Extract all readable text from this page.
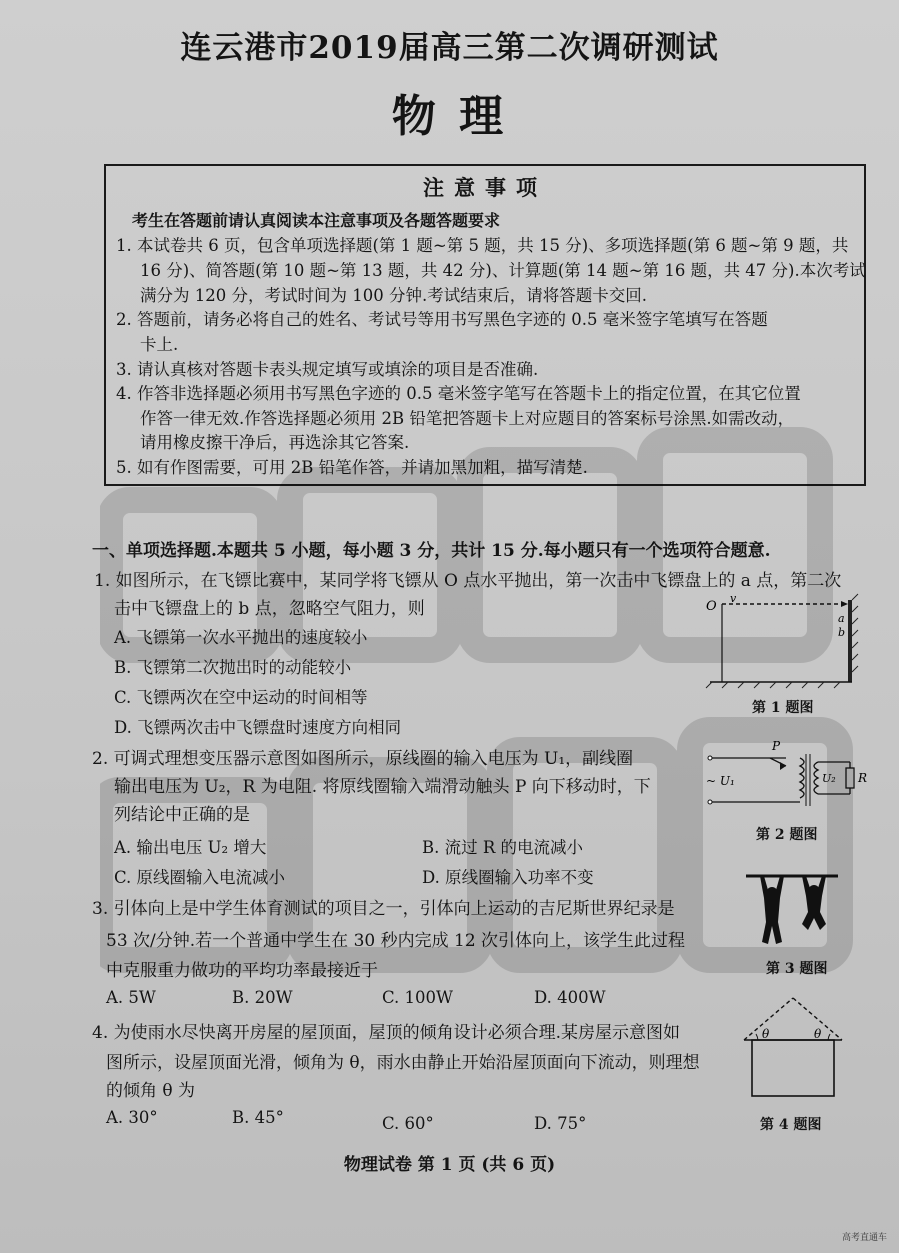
连云港市2019届高三第二次调研测试
物 理
注意事项
考生在答题前请认真阅读本注意事项及各题答题要求
1. 本试卷共 6 页，包含单项选择题(第 1 题~第 5 题，共 15 分)、多项选择题(第 6 题~第 9 题，共
16 分)、简答题(第 10 题~第 13 题，共 42 分)、计算题(第 14 题~第 16 题，共 47 分).本次考试
满分为 120 分，考试时间为 100 分钟.考试结束后，请将答题卡交回.
2. 答题前，请务必将自己的姓名、考试号等用书写黑色字迹的 0.5 毫米签字笔填写在答题
卡上.
3. 请认真核对答题卡表头规定填写或填涂的项目是否准确.
4. 作答非选择题必须用书写黑色字迹的 0.5 毫米签字笔写在答题卡上的指定位置，在其它位置
作答一律无效.作答选择题必须用 2B 铅笔把答题卡上对应题目的答案标号涂黑.如需改动，
请用橡皮擦干净后，再选涂其它答案.
5. 如有作图需要，可用 2B 铅笔作答，并请加黑加粗，描写清楚.
一、单项选择题.本题共 5 小题，每小题 3 分，共计 15 分.每小题只有一个选项符合题意.
1. 如图所示，在飞镖比赛中，某同学将飞镖从 O 点水平抛出，第一次击中飞镖盘上的 a 点，第二次
击中飞镖盘上的 b 点，忽略空气阻力，则
A. 飞镖第一次水平抛出的速度较小
B. 飞镖第二次抛出时的动能较小
C. 飞镖两次在空中运动的时间相等
D. 飞镖两次击中飞镖盘时速度方向相同
O
v
a
b
第 1 题图
2. 可调式理想变压器示意图如图所示，原线圈的输入电压为 U₁，副线圈
输出电压为 U₂，R 为电阻. 将原线圈输入端滑动触头 P 向下移动时，下
列结论中正确的是
A. 输出电压 U₂ 增大	B. 流过 R 的电流减小
C. 原线圈输入电流减小	D. 原线圈输入功率不变
P
~ U₁	U₂ R
第 2 题图
3. 引体向上是中学生体育测试的项目之一，引体向上运动的吉尼斯世界纪录是
53 次/分钟.若一个普通中学生在 30 秒内完成 12 次引体向上，该学生此过程
中克服重力做功的平均功率最接近于
A. 5W	B. 20W	C. 100W	D. 400W
第 3 题图
4. 为使雨水尽快离开房屋的屋顶面，屋顶的倾角设计必须合理.某房屋示意图如
图所示，设屋顶面光滑，倾角为 θ，雨水由静止开始沿屋顶面向下流动，则理想
的倾角 θ 为
A. 30°	B. 45°	C. 60°	D. 75°
θ	θ
第 4 题图
物理试卷 第 1 页 (共 6 页)
高考直通车
